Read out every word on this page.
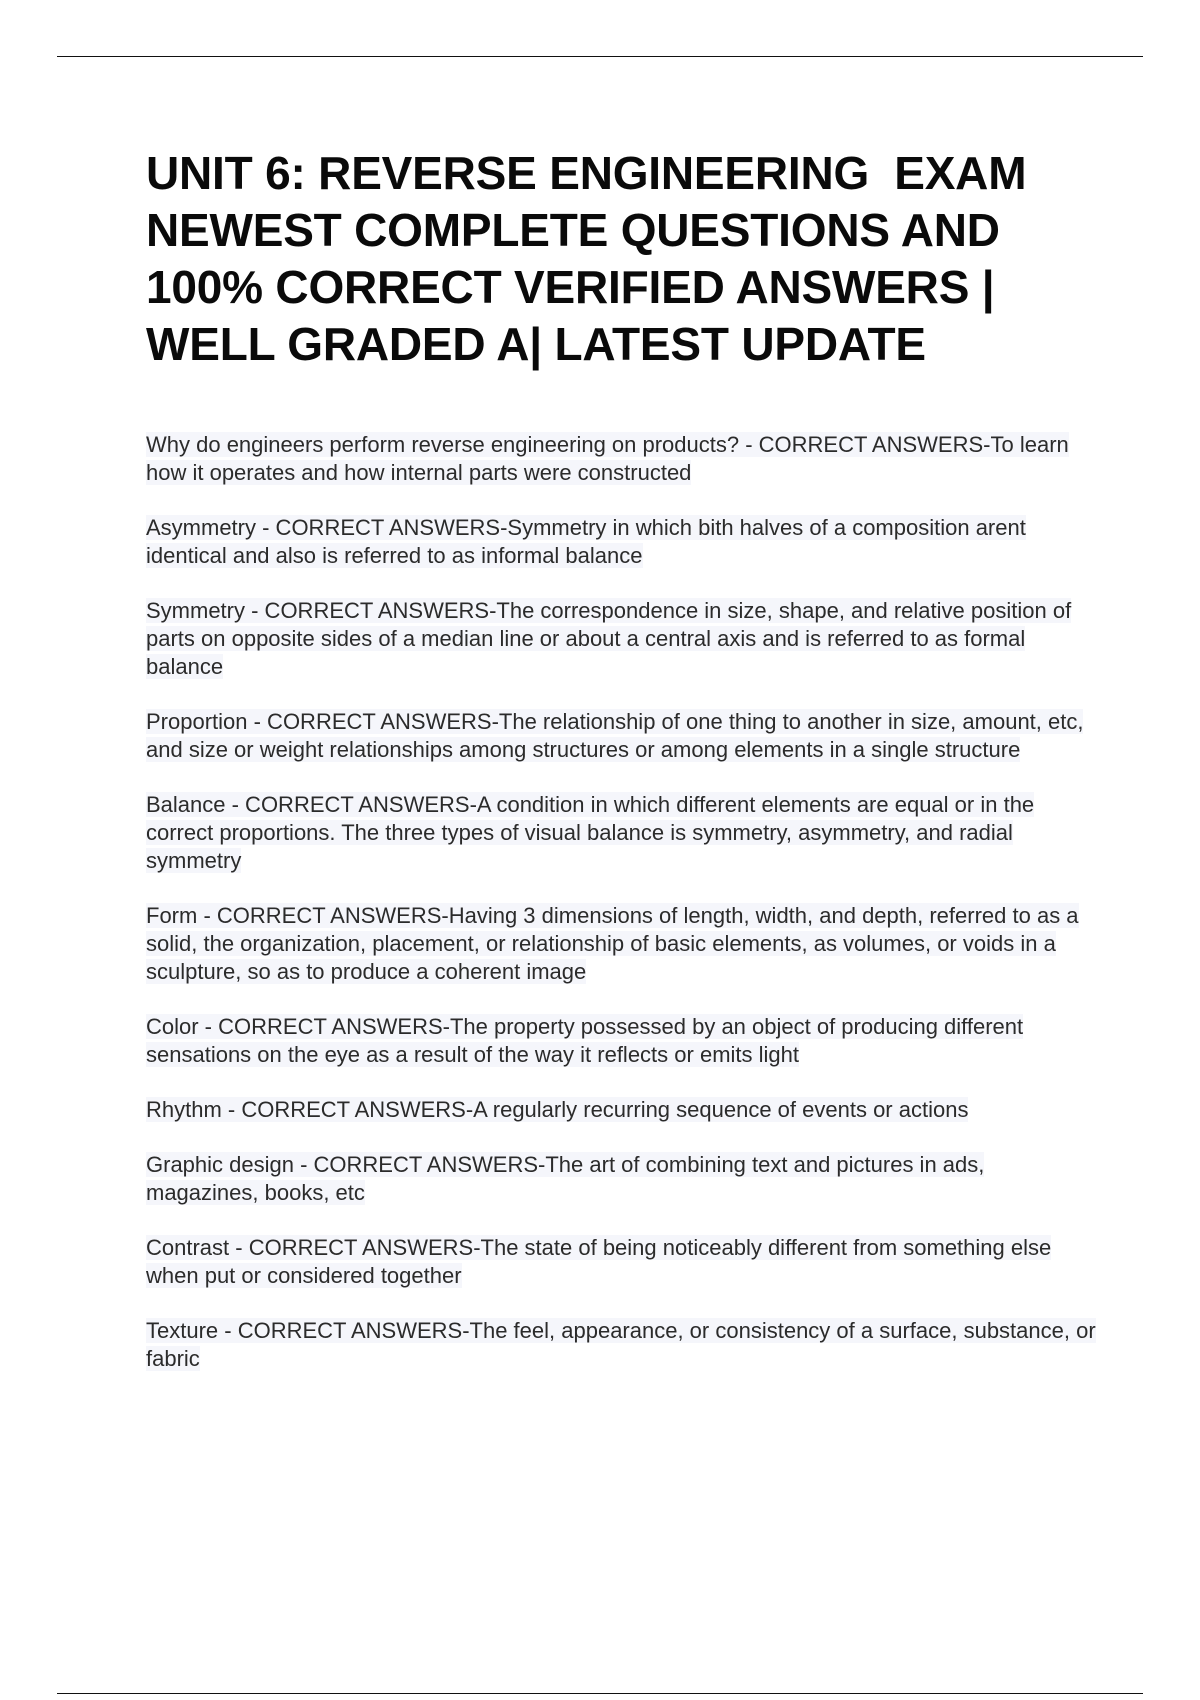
UNIT 6: REVERSE ENGINEERING  EXAM NEWEST COMPLETE QUESTIONS AND 100% CORRECT VERIFIED ANSWERS | WELL GRADED A| LATEST UPDATE

Why do engineers perform reverse engineering on products? - CORRECT ANSWERS-To learn how it operates and how internal parts were constructed

Asymmetry - CORRECT ANSWERS-Symmetry in which bith halves of a composition arent identical and also is referred to as informal balance

Symmetry - CORRECT ANSWERS-The correspondence in size, shape, and relative position of parts on opposite sides of a median line or about a central axis and is referred to as formal balance

Proportion - CORRECT ANSWERS-The relationship of one thing to another in size, amount, etc, and size or weight relationships among structures or among elements in a single structure

Balance - CORRECT ANSWERS-A condition in which different elements are equal or in the correct proportions. The three types of visual balance is symmetry, asymmetry, and radial symmetry

Form - CORRECT ANSWERS-Having 3 dimensions of length, width, and depth, referred to as a solid, the organization, placement, or relationship of basic elements, as volumes, or voids in a sculpture, so as to produce a coherent image

Color - CORRECT ANSWERS-The property possessed by an object of producing different sensations on the eye as a result of the way it reflects or emits light

Rhythm - CORRECT ANSWERS-A regularly recurring sequence of events or actions

Graphic design - CORRECT ANSWERS-The art of combining text and pictures in ads, magazines, books, etc

Contrast - CORRECT ANSWERS-The state of being noticeably different from something else when put or considered together

Texture - CORRECT ANSWERS-The feel, appearance, or consistency of a surface, substance, or fabric
